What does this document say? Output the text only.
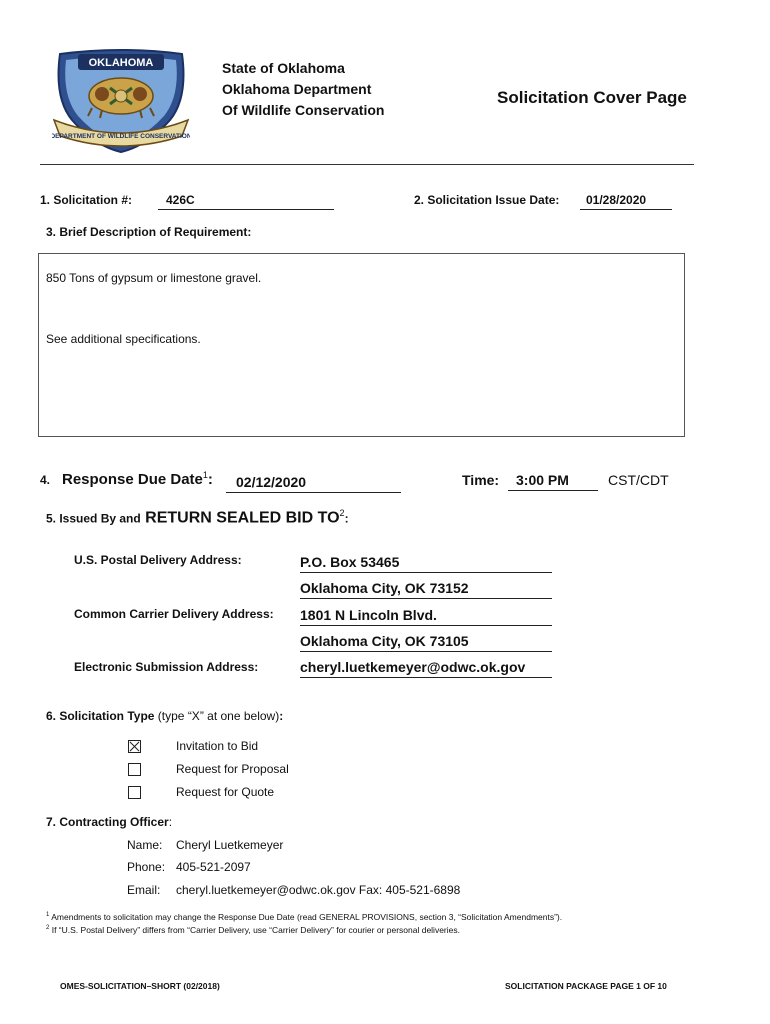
OKLAHOMA
DEPARTMENT OF WILDLIFE CONSERVATION
State of Oklahoma
Oklahoma Department
Of Wildlife Conservation
Solicitation Cover Page
1. Solicitation #:	426C	2. Solicitation Issue Date:	01/28/2020
3. Brief Description of Requirement:
850 Tons of gypsum or limestone gravel.
See additional specifications.
4. Response Due Date$^1$:	02/12/2020	Time:	3:00 PM	CST/CDT
5. Issued By and RETURN SEALED BID $TO^2$:
U.S. Postal Delivery Address:	P.O. Box 53465
Oklahoma City, OK 73152
Common Carrier Delivery Address: 1801 N Lincoln Blvd.
Oklahoma City, OK 73105
Electronic Submission Address:	cheryl.luetkemeyer@odwc.ok.gov
6. Solicitation Type (type “X” at one below):
Invitation to Bid
Request for Proposal
Request for Quote
7. Contracting Officer:
Name: Cheryl Luetkemeyer
Phone: 405-521-2097
Email: cheryl.luetkemeyer@odwc.ok.gov Fax: 405-521-6898
$^1$ Amendments to solicitation may change the Response Due Date (read GENERAL PROVISIONS, section 3, “Solicitation Amendments”).
$^2$ If “U.S. Postal Delivery” differs from “Carrier Delivery, use “Carrier Delivery” for courier or personal deliveries.
OMES-SOLICITATION–SHORT (02/2018)	SOLICITATION PACKAGE PAGE 1 OF 10
